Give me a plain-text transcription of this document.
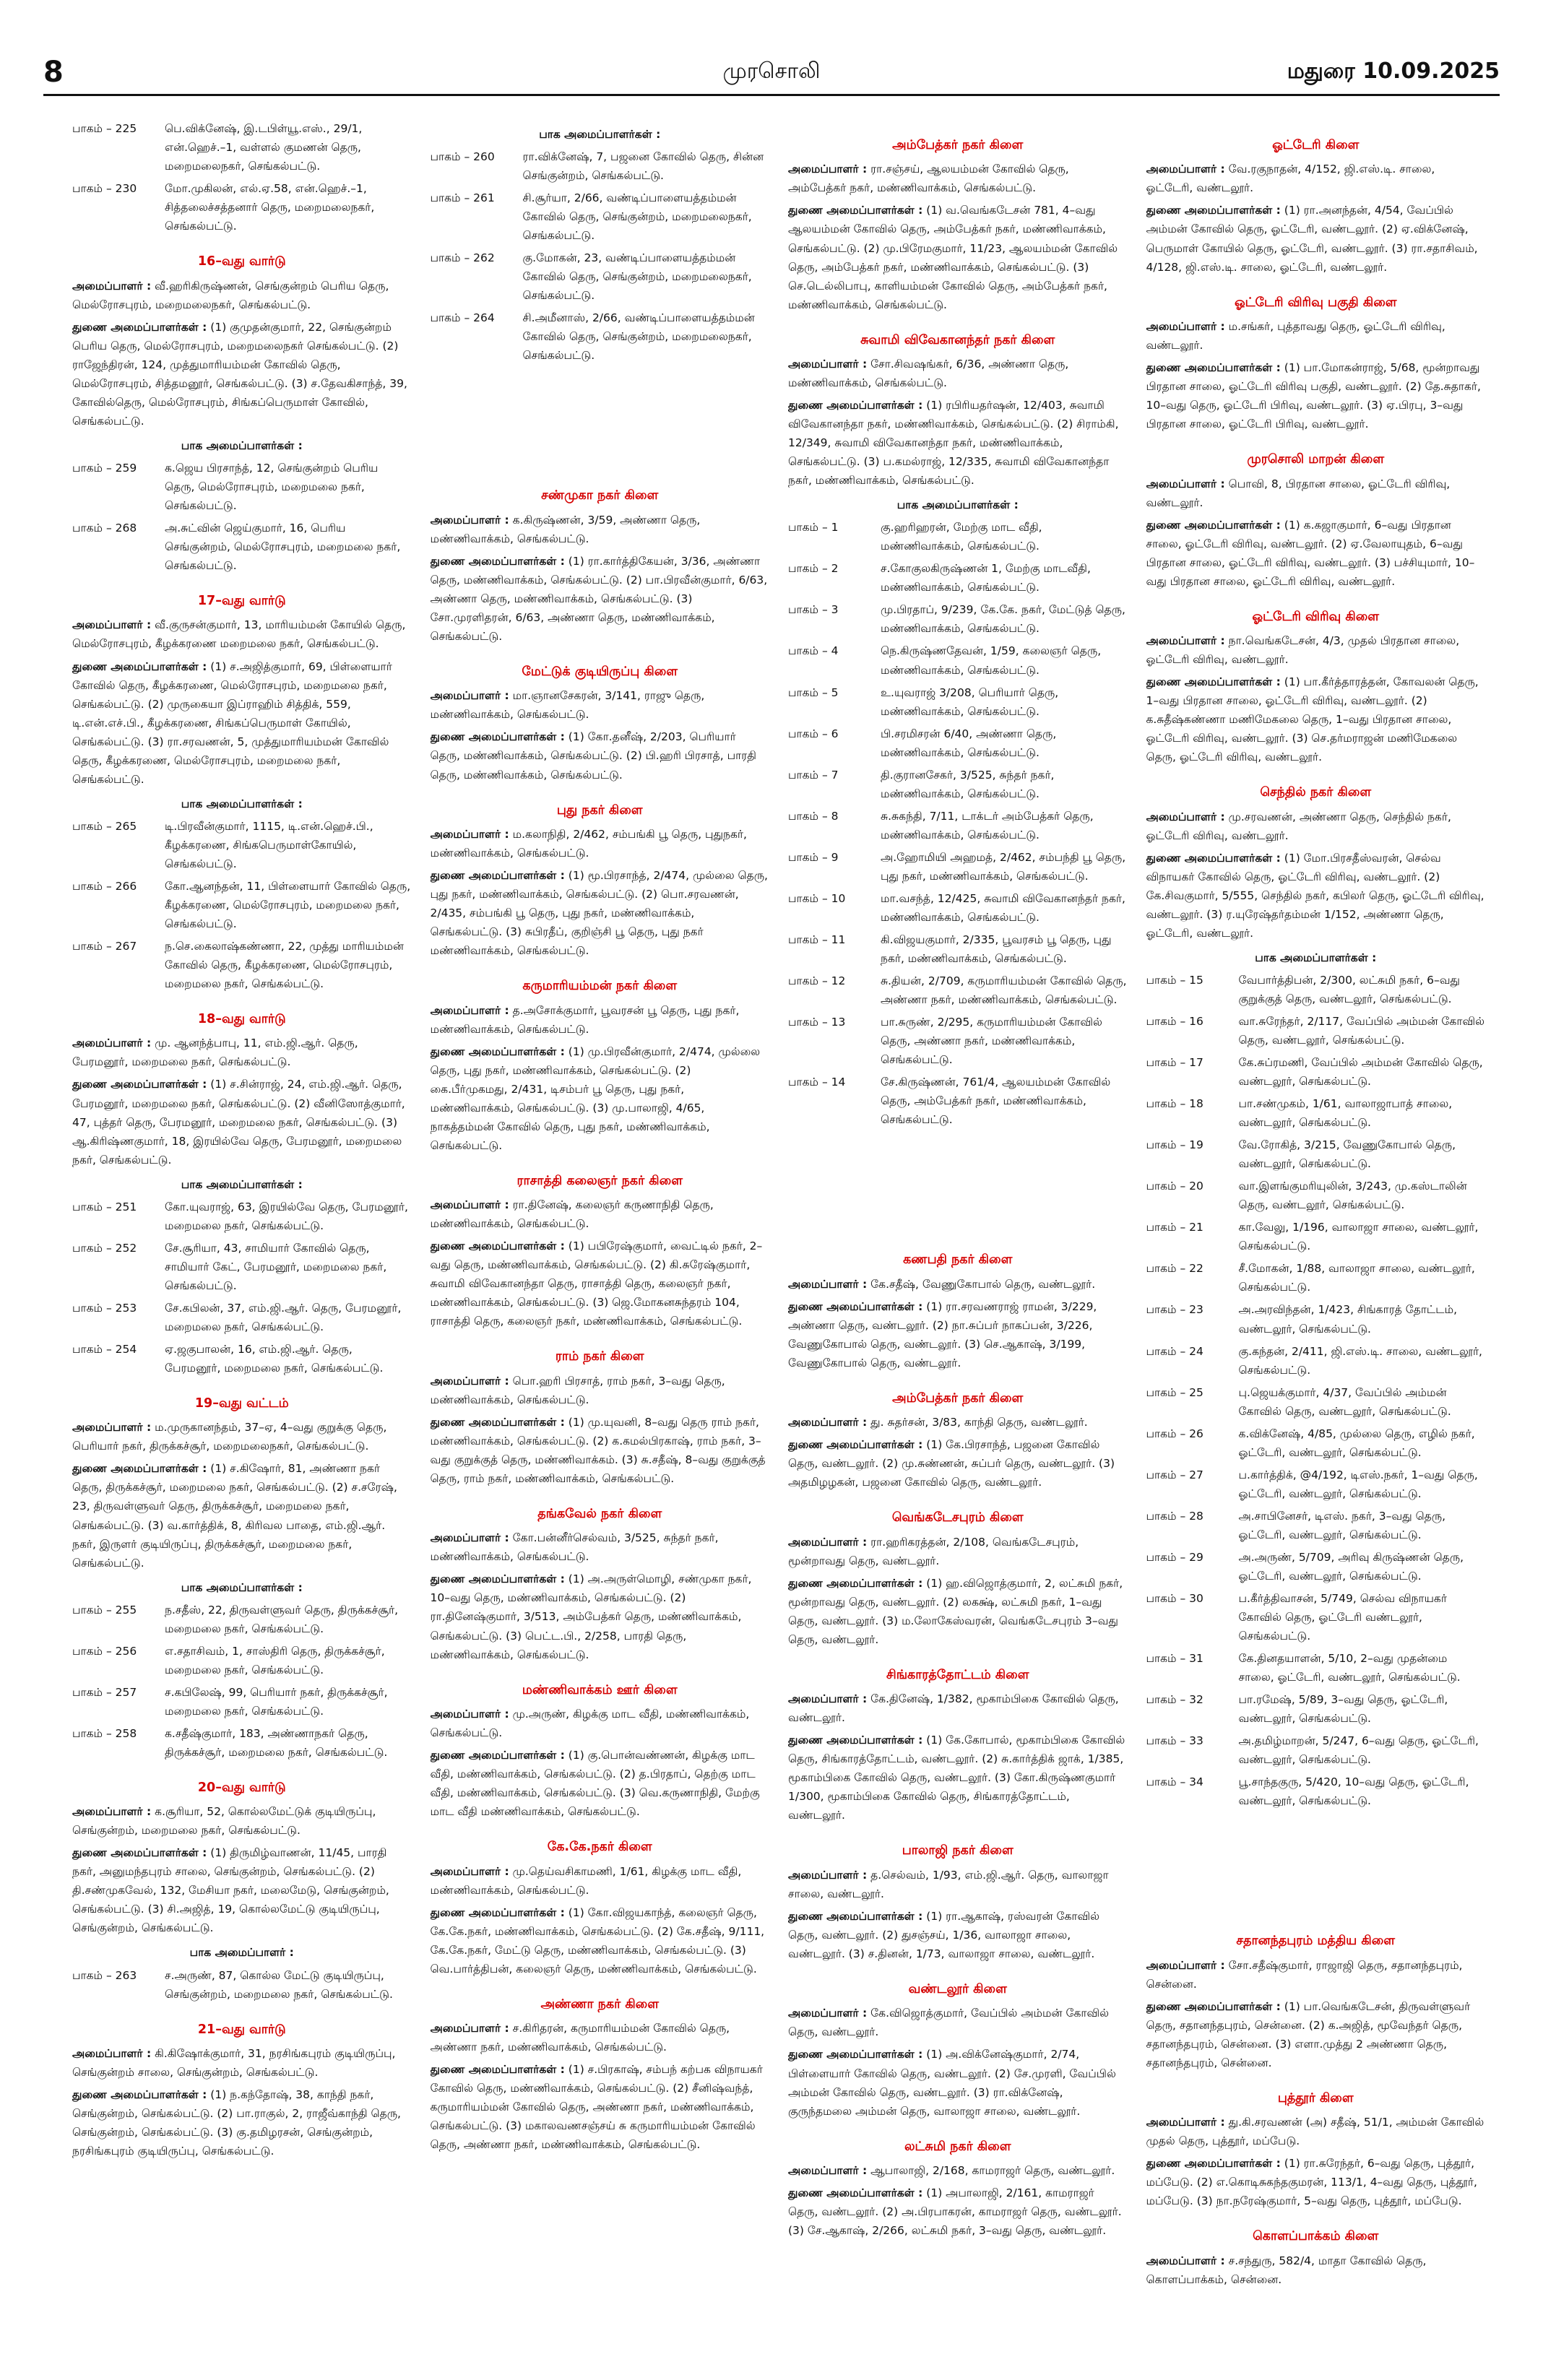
8	முரசொலி	மதுரை 10.09.2025
பாகம் – 225	பெ.விக்னேஷ், இ.டபிள்யூ.எஸ்., 29/1, என்.ஹெச்.–1, வள்ளல் குமணன் தெரு, மறைமலைநகர், செங்கல்பட்டு.
பாகம் – 230	மோ.முகிலன், எல்.ஏ.58, என்.ஹெச்.–1, சித்தலைச்சத்தனார் தெரு, மறைமலைநகர், செங்கல்பட்டு.
16–வது வார்டு
அமைப்பாளர் : வீ.ஹரிகிருஷ்ணன், செங்குன்றம் பெரிய தெரு, மெல்ரோசபுரம், மறைமலைநகர், செங்கல்பட்டு.
துணை அமைப்பாளர்கள் : (1) குமுதன்குமார், 22, செங்குன்றம் பெரிய தெரு, மெல்ரோசபுரம், மறைமலைநகர் செங்கல்பட்டு. (2) ராஜேந்திரன், 124, முத்துமாரியம்மன் கோவில் தெரு, மெல்ரோசபுரம், சித்தமனூர், செங்கல்பட்டு. (3) ச.தேவகிசாந்த், 39, கோவில்தெரு, மெல்ரோசபுரம், சிங்கப்பெருமாள் கோவில், செங்கல்பட்டு.
பாக அமைப்பாளர்கள் :
பாகம் – 259	க.ஜெய பிரசாந்த், 12, செங்குன்றம் பெரிய தெரு, மெல்ரோசபுரம், மறைமலை நகர், செங்கல்பட்டு.
பாகம் – 268	அ.சுட்வின் ஜெய்குமார், 16, பெரிய செங்குன்றம், மெல்ரோசபுரம், மறைமலை நகர், செங்கல்பட்டு.
17–வது வார்டு
அமைப்பாளர் : வீ.குருசன்குமார், 13, மாரியம்மன் கோயில் தெரு, மெல்ரோசபுரம், கீழக்கரணை மறைமலை நகர், செங்கல்பட்டு.
துணை அமைப்பாளர்கள் : (1) ச.அஜித்குமார், 69, பிள்ளையார் கோவில் தெரு, கீழக்கரணை, மெல்ரோசபுரம், மறைமலை நகர், செங்கல்பட்டு. (2) முருகையா இப்ராஹிம் சித்திக், 559, டி.என்.எச்.பி., கீழக்கரணை, சிங்கப்பெருமாள் கோயில், செங்கல்பட்டு. (3) ரா.சரவணன், 5, முத்துமாரியம்மன் கோவில் தெரு, கீழக்கரணை, மெல்ரோசபுரம், மறைமலை நகர், செங்கல்பட்டு.
பாக அமைப்பாளர்கள் :
பாகம் – 265	டி.பிரவீன்குமார், 1115, டி.என்.ஹெச்.பி., கீழக்கரணை, சிங்கபெருமாள்கோயில், செங்கல்பட்டு.
பாகம் – 266	கோ.ஆனந்தன், 11, பிள்ளையார் கோவில் தெரு, கீழக்கரணை, மெல்ரோசபுரம், மறைமலை நகர், செங்கல்பட்டு.
பாகம் – 267	ந.செ.கைலாஷ்கண்ணா, 22, முத்து மாரியம்மன் கோவில் தெரு, கீழக்கரணை, மெல்ரோசபுரம், மறைமலை நகர், செங்கல்பட்டு.
18–வது வார்டு
அமைப்பாளர் : மு. ஆனந்த்பாபு, 11, எம்.ஜி.ஆர். தெரு, பேரமனூர், மறைமலை நகர், செங்கல்பட்டு.
துணை அமைப்பாளர்கள் : (1) ச.சின்ராஜ், 24, எம்.ஜி.ஆர். தெரு, பேரமனூர், மறைமலை நகர், செங்கல்பட்டு. (2) வீனிஸோத்குமார், 47, புத்தர் தெரு, பேரமனூர், மறைமலை நகர், செங்கல்பட்டு. (3) ஆ.கிரிஷ்ணகுமார், 18, இரயில்வே தெரு, பேரமனூர், மறைமலை நகர், செங்கல்பட்டு.
பாக அமைப்பாளர்கள் :
பாகம் – 251	கோ.யுவராஜ், 63, இரயில்வே தெரு, பேரமனூர், மறைமலை நகர், செங்கல்பட்டு.
பாகம் – 252	சே.சூரியா, 43, சாமியார் கோவில் தெரு, சாமியார் கேட், பேரமனூர், மறைமலை நகர், செங்கல்பட்டு.
பாகம் – 253	சே.கபிலன், 37, எம்.ஜி.ஆர். தெரு, பேரமனூர், மறைமலை நகர், செங்கல்பட்டு.
பாகம் – 254	ஏ.ஜகுபாலன், 16, எம்.ஜி.ஆர். தெரு, பேரமனூர், மறைமலை நகர், செங்கல்பட்டு.
19–வது வட்டம்
அமைப்பாளர் : ம.முருகானந்தம், 37–ஏ, 4–வது குறுக்கு தெரு, பெரியார் நகர், திருக்கச்சூர், மறைமலைநகர், செங்கல்பட்டு.
துணை அமைப்பாளர்கள் : (1) ச.கிஷோர், 81, அண்ணா நகர் தெரு, திருக்கச்சூர், மறைமலை நகர், செங்கல்பட்டு. (2) ச.சரேஷ், 23, திருவள்ளுவர் தெரு, திருக்கச்சூர், மறைமலை நகர், செங்கல்பட்டு. (3) வ.கார்த்திக், 8, கிரிவல பாதை, எம்.ஜி.ஆர். நகர், இருளர் குடியிருப்பு, திருக்கச்சூர், மறைமலை நகர், செங்கல்பட்டு.
பாக அமைப்பாளர்கள் :
பாகம் – 255	ந.சதீஸ், 22, திருவள்ளுவர் தெரு, திருக்கச்சூர், மறைமலை நகர், செங்கல்பட்டு.
பாகம் – 256	எ.சதாசிவம், 1, சாஸ்திரி தெரு, திருக்கச்சூர், மறைமலை நகர், செங்கல்பட்டு.
பாகம் – 257	ச.கபிலேஷ், 99, பெரியார் நகர், திருக்கச்சூர், மறைமலை நகர், செங்கல்பட்டு.
பாகம் – 258	க.சதீஷ்குமார், 183, அண்ணாநகர் தெரு, திருக்கச்சூர், மறைமலை நகர், செங்கல்பட்டு.
20–வது வார்டு
அமைப்பாளர் : க.சூரியா, 52, கொல்லமேட்டுக் குடியிருப்பு, செங்குன்றம், மறைமலை நகர், செங்கல்பட்டு.
துணை அமைப்பாளர்கள் : (1) திருமிழ்வாணன், 11/45, பாரதி நகர், அனுமந்தபுரம் சாலை, செங்குன்றம், செங்கல்பட்டு. (2) தி.சண்முகவேல், 132, மேசியா நகர், மலைமேடு, செங்குன்றம், செங்கல்பட்டு. (3) சி.அஜித், 19, கொல்லமேட்டு குடியிருப்பு, செங்குன்றம், செங்கல்பட்டு.
பாக அமைப்பாளர் :
பாகம் – 263	ச.அருண், 87, கொல்ல மேட்டு குடியிருப்பு, செங்குன்றம், மறைமலை நகர், செங்கல்பட்டு.
21–வது வார்டு
அமைப்பாளர் : கி.கிஷோக்குமார், 31, நரசிங்கபுரம் குடியிருப்பு, செங்குன்றம் சாலை, செங்குன்றம், செங்கல்பட்டு.
துணை அமைப்பாளர்கள் : (1) ந.கந்தோஷ், 38, காந்தி நகர், செங்குன்றம், செங்கல்பட்டு. (2) பா.ராகுல், 2, ராஜீவ்காந்தி தெரு, செங்குன்றம், செங்கல்பட்டு. (3) கு.தமிழரசன், செங்குன்றம், நரசிங்கபுரம் குடியிருப்பு, செங்கல்பட்டு.
பாக அமைப்பாளர்கள் :
பாகம் – 260	ரா.விக்னேஷ், 7, பஜனை கோவில் தெரு, சின்ன செங்குன்றம், செங்கல்பட்டு.
பாகம் – 261	சி.சூர்யா, 2/66, வண்டிப்பாளையத்தம்மன் கோவில் தெரு, செங்குன்றம், மறைமலைநகர், செங்கல்பட்டு.
பாகம் – 262	கு.மோகன், 23, வண்டிப்பாளையத்தம்மன் கோவில் தெரு, செங்குன்றம், மறைமலைநகர், செங்கல்பட்டு.
பாகம் – 264	சி.அமீனாஸ், 2/66, வண்டிப்பாளையத்தம்மன் கோவில் தெரு, செங்குன்றம், மறைமலைநகர், செங்கல்பட்டு.
சண்முகா நகர் கிளை
அமைப்பாளர் : க.கிருஷ்ணன், 3/59, அண்ணா தெரு, மண்ணிவாக்கம், செங்கல்பட்டு.
துணை அமைப்பாளர்கள் : (1) ரா.கார்த்திகேயன், 3/36, அண்ணா தெரு, மண்ணிவாக்கம், செங்கல்பட்டு. (2) பா.பிரவீன்குமார், 6/63, அண்ணா தெரு, மண்ணிவாக்கம், செங்கல்பட்டு. (3) சோ.முரளிதரன், 6/63, அண்ணா தெரு, மண்ணிவாக்கம், செங்கல்பட்டு.
மேட்டுக் குடியிருப்பு கிளை
அமைப்பாளர் : மா.ஞானசேகரன், 3/141, ராஜு தெரு, மண்ணிவாக்கம், செங்கல்பட்டு.
துணை அமைப்பாளர்கள் : (1) கோ.தனீஷ், 2/203, பெரியார் தெரு, மண்ணிவாக்கம், செங்கல்பட்டு. (2) பி.ஹரி பிரசாத், பாரதி தெரு, மண்ணிவாக்கம், செங்கல்பட்டு.
புது நகர் கிளை
அமைப்பாளர் : ம.கலாநிதி, 2/462, சம்பங்கி பூ தெரு, புதுநகர், மண்ணிவாக்கம், செங்கல்பட்டு.
துணை அமைப்பாளர்கள் : (1) மூ.பிரசாந்த், 2/474, முல்லை தெரு, புது நகர், மண்ணிவாக்கம், செங்கல்பட்டு. (2) பொ.சரவணன், 2/435, சம்பங்கி பூ தெரு, புது நகர், மண்ணிவாக்கம், செங்கல்பட்டு. (3) சுபிரதீப், குறிஞ்சி பூ தெரு, புது நகர் மண்ணிவாக்கம், செங்கல்பட்டு.
கருமாரியம்மன் நகர் கிளை
அமைப்பாளர் : த.அசோக்குமார், பூவரசன் பூ தெரு, புது நகர், மண்ணிவாக்கம், செங்கல்பட்டு.
துணை அமைப்பாளர்கள் : (1) மு.பிரவீன்குமார், 2/474, முல்லை தெரு, புது நகர், மண்ணிவாக்கம், செங்கல்பட்டு. (2) கை.பீர்முகமது, 2/431, டிசம்பர் பூ தெரு, புது நகர், மண்ணிவாக்கம், செங்கல்பட்டு. (3) மு.பாலாஜி, 4/65, நாகத்தம்மன் கோவில் தெரு, புது நகர், மண்ணிவாக்கம், செங்கல்பட்டு.
ராசாத்தி கலைஞர் நகர் கிளை
அமைப்பாளர் : ரா.தினேஷ், கலைஞர் கருணாநிதி தெரு, மண்ணிவாக்கம், செங்கல்பட்டு.
துணை அமைப்பாளர்கள் : (1) பபிரேஷ்குமார், வைட்டில் நகர், 2–வது தெரு, மண்ணிவாக்கம், செங்கல்பட்டு. (2) கி.சுரேஷ்குமார், சுவாமி விவேகானந்தா தெரு, ராசாத்தி தெரு, கலைஞர் நகர், மண்ணிவாக்கம், செங்கல்பட்டு. (3) ஜெ.மோகனசுந்தரம் 104, ராசாத்தி தெரு, கலைஞர் நகர், மண்ணிவாக்கம், செங்கல்பட்டு.
ராம் நகர் கிளை
அமைப்பாளர் : பொ.ஹரி பிரசாத், ராம் நகர், 3–வது தெரு, மண்ணிவாக்கம், செங்கல்பட்டு.
துணை அமைப்பாளர்கள் : (1) மு.யுவனி, 8–வது தெரு ராம் நகர், மண்ணிவாக்கம், செங்கல்பட்டு. (2) க.கமல்பிரகாஷ், ராம் நகர், 3–வது குறுக்குத் தெரு, மண்ணிவாக்கம். (3) சு.சதீஷ், 8–வது குறுக்குத் தெரு, ராம் நகர், மண்ணிவாக்கம், செங்கல்பட்டு.
தங்கவேல் நகர் கிளை
அமைப்பாளர் : கோ.பன்னீர்செல்வம், 3/525, சுந்தர் நகர், மண்ணிவாக்கம், செங்கல்பட்டு.
துணை அமைப்பாளர்கள் : (1) அ.அருள்மொழி, சண்முகா நகர், 10–வது தெரு, மண்ணிவாக்கம், செங்கல்பட்டு. (2) ரா.தினேஷ்குமார், 3/513, அம்பேத்கர் தெரு, மண்ணிவாக்கம், செங்கல்பட்டு. (3) பெட்ட.பி., 2/258, பாரதி தெரு, மண்ணிவாக்கம், செங்கல்பட்டு.
மண்ணிவாக்கம் ஊர் கிளை
அமைப்பாளர் : மு.அருண், கிழக்கு மாட வீதி, மண்ணிவாக்கம், செங்கல்பட்டு.
துணை அமைப்பாளர்கள் : (1) கு.பொன்வண்ணன், கிழக்கு மாட வீதி, மண்ணிவாக்கம், செங்கல்பட்டு. (2) த.பிரதாப், தெற்கு மாட வீதி, மண்ணிவாக்கம், செங்கல்பட்டு. (3) வெ.கருணாநிதி, மேற்கு மாட வீதி மண்ணிவாக்கம், செங்கல்பட்டு.
கே.கே.நகர் கிளை
அமைப்பாளர் : மு.தெய்வசிகாமணி, 1/61, கிழக்கு மாட வீதி, மண்ணிவாக்கம், செங்கல்பட்டு.
துணை அமைப்பாளர்கள் : (1) கோ.விஜயகாந்த், கலைஞர் தெரு, கே.கே.நகர், மண்ணிவாக்கம், செங்கல்பட்டு. (2) கே.சதீஷ், 9/111, கே.கே.நகர், மேட்டு தெரு, மண்ணிவாக்கம், செங்கல்பட்டு. (3) வெ.பார்த்திபன், கலைஞர் தெரு, மண்ணிவாக்கம், செங்கல்பட்டு.
அண்ணா நகர் கிளை
அமைப்பாளர் : ச.கிரிதரன், கருமாரியம்மன் கோவில் தெரு, அண்ணா நகர், மண்ணிவாக்கம், செங்கல்பட்டு.
துணை அமைப்பாளர்கள் : (1) ச.பிரகாஷ், சம்பந் கற்பக விநாயகர் கோவில் தெரு, மண்ணிவாக்கம், செங்கல்பட்டு. (2) சீனிஷ்வந்த், கருமாரியம்மன் கோவில் தெரு, அண்ணா நகர், மண்ணிவாக்கம், செங்கல்பட்டு. (3) மகாலவணசஞ்சய் சு கருமாரியம்மன் கோவில் தெரு, அண்ணா நகர், மண்ணிவாக்கம், செங்கல்பட்டு.
அம்பேத்கர் நகர் கிளை
அமைப்பாளர் : ரா.சஞ்சய், ஆலயம்மன் கோவில் தெரு, அம்பேத்கர் நகர், மண்ணிவாக்கம், செங்கல்பட்டு.
துணை அமைப்பாளர்கள் : (1) வ.வெங்கடேசன் 781, 4–வது ஆலயம்மன் கோவில் தெரு, அம்பேத்கர் நகர், மண்ணிவாக்கம், செங்கல்பட்டு. (2) மு.பிரேமகுமார், 11/23, ஆலயம்மன் கோவில் தெரு, அம்பேத்கர் நகர், மண்ணிவாக்கம், செங்கல்பட்டு. (3) செ.டெல்லிபாபு, காளியம்மன் கோவில் தெரு, அம்பேத்கர் நகர், மண்ணிவாக்கம், செங்கல்பட்டு.
சுவாமி விவேகானந்தர் நகர் கிளை
அமைப்பாளர் : சோ.சிவஷங்கர், 6/36, அண்ணா தெரு, மண்ணிவாக்கம், செங்கல்பட்டு.
துணை அமைப்பாளர்கள் : (1) ரபிரியதர்ஷன், 12/403, சுவாமி விவேகானந்தா நகர், மண்ணிவாக்கம், செங்கல்பட்டு. (2) சிராம்கி, 12/349, சுவாமி விவேகானந்தா நகர், மண்ணிவாக்கம், செங்கல்பட்டு. (3) ப.கமல்ராஜ், 12/335, சுவாமி விவேகானந்தா நகர், மண்ணிவாக்கம், செங்கல்பட்டு.
பாக அமைப்பாளர்கள் :
பாகம் – 1	கு.ஹரிஹரன், மேற்கு மாட வீதி, மண்ணிவாக்கம், செங்கல்பட்டு.
பாகம் – 2	ச.கோகுலகிருஷ்ணன் 1, மேற்கு மாடவீதி, மண்ணிவாக்கம், செங்கல்பட்டு.
பாகம் – 3	மு.பிரதாப், 9/239, கே.கே. நகர், மேட்டுத் தெரு, மண்ணிவாக்கம், செங்கல்பட்டு.
பாகம் – 4	நெ.கிருஷ்ணதேவன், 1/59, கலைஞர் தெரு, மண்ணிவாக்கம், செங்கல்பட்டு.
பாகம் – 5	உ.யுவராஜ் 3/208, பெரியார் தெரு, மண்ணிவாக்கம், செங்கல்பட்டு.
பாகம் – 6	பி.சரமிசரன் 6/40, அண்ணா தெரு, மண்ணிவாக்கம், செங்கல்பட்டு.
பாகம் – 7	தி.குரானசேகர், 3/525, சுந்தர் நகர், மண்ணிவாக்கம், செங்கல்பட்டு.
பாகம் – 8	சு.சுகந்தி, 7/11, டாக்டர் அம்பேத்கர் தெரு, மண்ணிவாக்கம், செங்கல்பட்டு.
பாகம் – 9	அ.ஹோமியி அஹமத், 2/462, சம்பந்தி பூ தெரு, புது நகர், மண்ணிவாக்கம், செங்கல்பட்டு.
பாகம் – 10	மா.வசந்த், 12/425, சுவாமி விவேகானந்தர் நகர், மண்ணிவாக்கம், செங்கல்பட்டு.
பாகம் – 11	கி.விஜயகுமார், 2/335, பூவரசம் பூ தெரு, புது நகர், மண்ணிவாக்கம், செங்கல்பட்டு.
பாகம் – 12	சு.தியன், 2/709, கருமாரியம்மன் கோவில் தெரு, அண்ணா நகர், மண்ணிவாக்கம், செங்கல்பட்டு.
பாகம் – 13	பா.சுருண், 2/295, கருமாரியம்மன் கோவில் தெரு, அண்ணா நகர், மண்ணிவாக்கம், செங்கல்பட்டு.
பாகம் – 14	சே.கிருஷ்ணன், 761/4, ஆலயம்மன் கோவில் தெரு, அம்பேத்கர் நகர், மண்ணிவாக்கம், செங்கல்பட்டு.
கணபதி நகர் கிளை
அமைப்பாளர் : கே.சதீஷ், வேணுகோபால் தெரு, வண்டலூர்.
துணை அமைப்பாளர்கள் : (1) ரா.சரவணராஜ் ராமன், 3/229, அண்ணா தெரு, வண்டலூர். (2) நா.சுப்பர் நாகப்பன், 3/226, வேணுகோபால் தெரு, வண்டலூர். (3) செ.ஆகாஷ், 3/199, வேணுகோபால் தெரு, வண்டலூர்.
அம்பேத்கர் நகர் கிளை
அமைப்பாளர் : து. சுதர்சன், 3/83, காந்தி தெரு, வண்டலூர்.
துணை அமைப்பாளர்கள் : (1) கே.பிரசாந்த், பஜனை கோவில் தெரு, வண்டலூர். (2) மு.சுண்ணன், சுப்பர் தெரு, வண்டலூர். (3) அதமிழழகன், பஜனை கோவில் தெரு, வண்டலூர்.
வெங்கடேசபுரம் கிளை
அமைப்பாளர் : ரா.ஹரிகரத்தன், 2/108, வெங்கடேசபுரம், மூன்றாவது தெரு, வண்டலூர்.
துணை அமைப்பாளர்கள் : (1) ஹ.விஜொத்குமார், 2, லட்சுமி நகர், மூன்றாவது தெரு, வண்டலூர். (2) லகக்ஷ், லட்சுமி நகர், 1–வது தெரு, வண்டலூர். (3) ம.லோகேஸ்வரன், வெங்கடேசபுரம் 3–வது தெரு, வண்டலூர்.
சிங்காரத்தோட்டம் கிளை
அமைப்பாளர் : கே.தினேஷ், 1/382, மூகாம்பிகை கோவில் தெரு, வண்டலூர்.
துணை அமைப்பாளர்கள் : (1) கே.கோபால், மூகாம்பிகை கோவில் தெரு, சிங்காரத்தோட்டம், வண்டலூர். (2) சு.கார்த்திக் ஜாக், 1/385, மூகாம்பிகை கோவில் தெரு, வண்டலூர். (3) கோ.கிருஷ்ணகுமார் 1/300, மூகாம்பிகை கோவில் தெரு, சிங்காரத்தோட்டம், வண்டலூர்.
பாலாஜி நகர் கிளை
அமைப்பாளர் : த.செல்வம், 1/93, எம்.ஜி.ஆர். தெரு, வாலாஜா சாலை, வண்டலூர்.
துணை அமைப்பாளர்கள் : (1) ரா.ஆகாஷ், ரஸ்வரன் கோவில் தெரு, வண்டலூர். (2) துசஞ்சய், 1/36, வாலாஜா சாலை, வண்டலூர். (3) ச.தினன், 1/73, வாலாஜா சாலை, வண்டலூர்.
வண்டலூர் கிளை
அமைப்பாளர் : கே.விஜொத்குமார், வேப்பில் அம்மன் கோவில் தெரு, வண்டலூர்.
துணை அமைப்பாளர்கள் : (1) அ.விக்னேஷ்குமார், 2/74, பிள்ளையார் கோவில் தெரு, வண்டலூர். (2) சே.முரளி, வேப்பில் அம்மன் கோவில் தெரு, வண்டலூர். (3) ரா.விக்னேஷ், குருந்தமலை அம்மன் தெரு, வாலாஜா சாலை, வண்டலூர்.
லட்சுமி நகர் கிளை
அமைப்பாளர் : ஆபாலாஜி, 2/168, காமராஜர் தெரு, வண்டலூர்.
துணை அமைப்பாளர்கள் : (1) அபாலாஜி, 2/161, காமராஜர் தெரு, வண்டலூர். (2) அ.பிரபாகரன், காமராஜர் தெரு, வண்டலூர். (3) சே.ஆகாஷ், 2/266, லட்சுமி நகர், 3–வது தெரு, வண்டலூர்.
ஓட்டேரி கிளை
அமைப்பாளர் : வே.ரகுநாதன், 4/152, ஜி.எஸ்.டி. சாலை, ஓட்டேரி, வண்டலூர்.
துணை அமைப்பாளர்கள் : (1) ரா.அனந்தன், 4/54, வேப்பில் அம்மன் கோவில் தெரு, ஓட்டேரி, வண்டலூர். (2) ஏ.விக்னேஷ், பெருமாள் கோயில் தெரு, ஓட்டேரி, வண்டலூர். (3) ரா.சதாசிவம், 4/128, ஜி.எஸ்.டி. சாலை, ஓட்டேரி, வண்டலூர்.
ஓட்டேரி விரிவு பகுதி கிளை
அமைப்பாளர் : ம.சங்கர், புத்தாவது தெரு, ஓட்டேரி விரிவு, வண்டலூர்.
துணை அமைப்பாளர்கள் : (1) பா.மோகன்ராஜ், 5/68, மூன்றாவது பிரதான சாலை, ஓட்டேரி விரிவு பகுதி, வண்டலூர். (2) தே.சுதாகர், 10–வது தெரு, ஓட்டேரி பிரிவு, வண்டலூர். (3) ஏ.பிரபு, 3–வது பிரதான சாலை, ஓட்டேரி பிரிவு, வண்டலூர்.
முரசொலி மாறன் கிளை
அமைப்பாளர் : பொவி, 8, பிரதான சாலை, ஓட்டேரி விரிவு, வண்டலூர்.
துணை அமைப்பாளர்கள் : (1) க.கஜாகுமார், 6–வது பிரதான சாலை, ஓட்டேரி விரிவு, வண்டலூர். (2) ஏ.வேலாயுதம், 6–வது பிரதான சாலை, ஓட்டேரி விரிவு, வண்டலூர். (3) பச்சியுமார், 10–வது பிரதான சாலை, ஓட்டேரி விரிவு, வண்டலூர்.
ஓட்டேரி விரிவு கிளை
அமைப்பாளர் : நா.வெங்கடேசன், 4/3, முதல் பிரதான சாலை, ஓட்டேரி விரிவு, வண்டலூர்.
துணை அமைப்பாளர்கள் : (1) பா.கீர்த்தாரத்தன், கோவலன் தெரு, 1–வது பிரதான சாலை, ஓட்டேரி விரிவு, வண்டலூர். (2) க.சுதீஷ்கண்ணா மணிமேகலை தெரு, 1–வது பிரதான சாலை, ஓட்டேரி விரிவு, வண்டலூர். (3) செ.தர்மராஜன் மணிமேகலை தெரு, ஓட்டேரி விரிவு, வண்டலூர்.
செந்தில் நகர் கிளை
அமைப்பாளர் : மு.சரவணன், அண்ணா தெரு, செந்தில் நகர், ஓட்டேரி விரிவு, வண்டலூர்.
துணை அமைப்பாளர்கள் : (1) மோ.பிரசதீஸ்வரன், செல்வ விநாயகர் கோவில் தெரு, ஓட்டேரி விரிவு, வண்டலூர். (2) கே.சிவகுமார், 5/555, செந்தில் நகர், கபிலர் தெரு, ஓட்டேரி விரிவு, வண்டலூர். (3) ர.யுரேஷ்தர்தம்மன் 1/152, அண்ணா தெரு, ஓட்டேரி, வண்டலூர்.
பாக அமைப்பாளர்கள் :
பாகம் – 15	வேபார்த்திபன், 2/300, லட்சுமி நகர், 6–வது குறுக்குத் தெரு, வண்டலூர், செங்கல்பட்டு.
பாகம் – 16	வா.சுரேந்தர், 2/117, வேப்பில் அம்மன் கோவில் தெரு, வண்டலூர், செங்கல்பட்டு.
பாகம் – 17	கே.சுப்ரமணி, வேப்பில் அம்மன் கோவில் தெரு, வண்டலூர், செங்கல்பட்டு.
பாகம் – 18	பா.சண்முகம், 1/61, வாலாஜாபாத் சாலை, வண்டலூர், செங்கல்பட்டு.
பாகம் – 19	வே.ரோகித், 3/215, வேணுகோபால் தெரு, வண்டலூர், செங்கல்பட்டு.
பாகம் – 20	வா.இளங்குமரியுலின், 3/243, மு.கஸ்டாலின் தெரு, வண்டலூர், செங்கல்பட்டு.
பாகம் – 21	கா.வேலு, 1/196, வாலாஜா சாலை, வண்டலூர், செங்கல்பட்டு.
பாகம் – 22	சீ.மோகன், 1/88, வாலாஜா சாலை, வண்டலூர், செங்கல்பட்டு.
பாகம் – 23	அ.அரவிந்தன், 1/423, சிங்காரத் தோட்டம், வண்டலூர், செங்கல்பட்டு.
பாகம் – 24	கு.கந்தன், 2/411, ஜி.எஸ்.டி. சாலை, வண்டலூர், செங்கல்பட்டு.
பாகம் – 25	பு.ஜெயக்குமார், 4/37, வேப்பில் அம்மன் கோவில் தெரு, வண்டலூர், செங்கல்பட்டு.
பாகம் – 26	க.விக்னேஷ், 4/85, முல்லை தெரு, எழில் நகர், ஓட்டேரி, வண்டலூர், செங்கல்பட்டு.
பாகம் – 27	ப.கார்த்திக், @4/192, டிஎஸ்.நகர், 1–வது தெரு, ஓட்டேரி, வண்டலூர், செங்கல்பட்டு.
பாகம் – 28	அ.சாபினேசர், டிஎஸ். நகர், 3–வது தெரு, ஓட்டேரி, வண்டலூர், செங்கல்பட்டு.
பாகம் – 29	அ.அருண், 5/709, அரிவு கிருஷ்ணன் தெரு, ஓட்டேரி, வண்டலூர், செங்கல்பட்டு.
பாகம் – 30	ப.கீர்த்திவாசன், 5/749, செல்வ விநாயகர் கோவில் தெரு, ஓட்டேரி வண்டலூர், செங்கல்பட்டு.
பாகம் – 31	கே.தினதயாளன், 5/10, 2–வது முதன்மை சாலை, ஓட்டேரி, வண்டலூர், செங்கல்பட்டு.
பாகம் – 32	பா.ரமேஷ், 5/89, 3–வது தெரு, ஓட்டேரி, வண்டலூர், செங்கல்பட்டு.
பாகம் – 33	அ.தமிழ்மாறன், 5/247, 6–வது தெரு, ஓட்டேரி, வண்டலூர், செங்கல்பட்டு.
பாகம் – 34	பூ.சாந்தகுரு, 5/420, 10–வது தெரு, ஓட்டேரி, வண்டலூர், செங்கல்பட்டு.
சதானந்தபுரம் மத்திய கிளை
அமைப்பாளர் : சோ.சதீஷ்குமார், ராஜாஜி தெரு, சதானந்தபுரம், சென்னை.
துணை அமைப்பாளர்கள் : (1) பா.வெங்கடேசன், திருவள்ளுவர் தெரு, சதானந்தபுரம், சென்னை. (2) க.அஜித், மூவேந்தர் தெரு, சதானந்தபுரம், சென்னை. (3) எளா.முத்து 2 அண்ணா தெரு, சதானந்தபுரம், சென்னை.
புத்தூர் கிளை
அமைப்பாளர் : து.கி.சரவணன் (அ) சதீஷ், 51/1, அம்மன் கோவில் முதல் தெரு, புத்தூர், மப்பேடு.
துணை அமைப்பாளர்கள் : (1) ரா.சுரேந்தர், 6–வது தெரு, புத்தூர், மப்பேடு. (2) எ.கொடிசுகந்தகுமரன், 113/1, 4–வது தெரு, புத்தூர், மப்பேடு. (3) நா.நரேஷ்குமார், 5–வது தெரு, புத்தூர், மப்பேடு.
கொளப்பாக்கம் கிளை
அமைப்பாளர் : ச.சந்துரு, 582/4, மாதா கோவில் தெரு, கொளப்பாக்கம், சென்னை.
